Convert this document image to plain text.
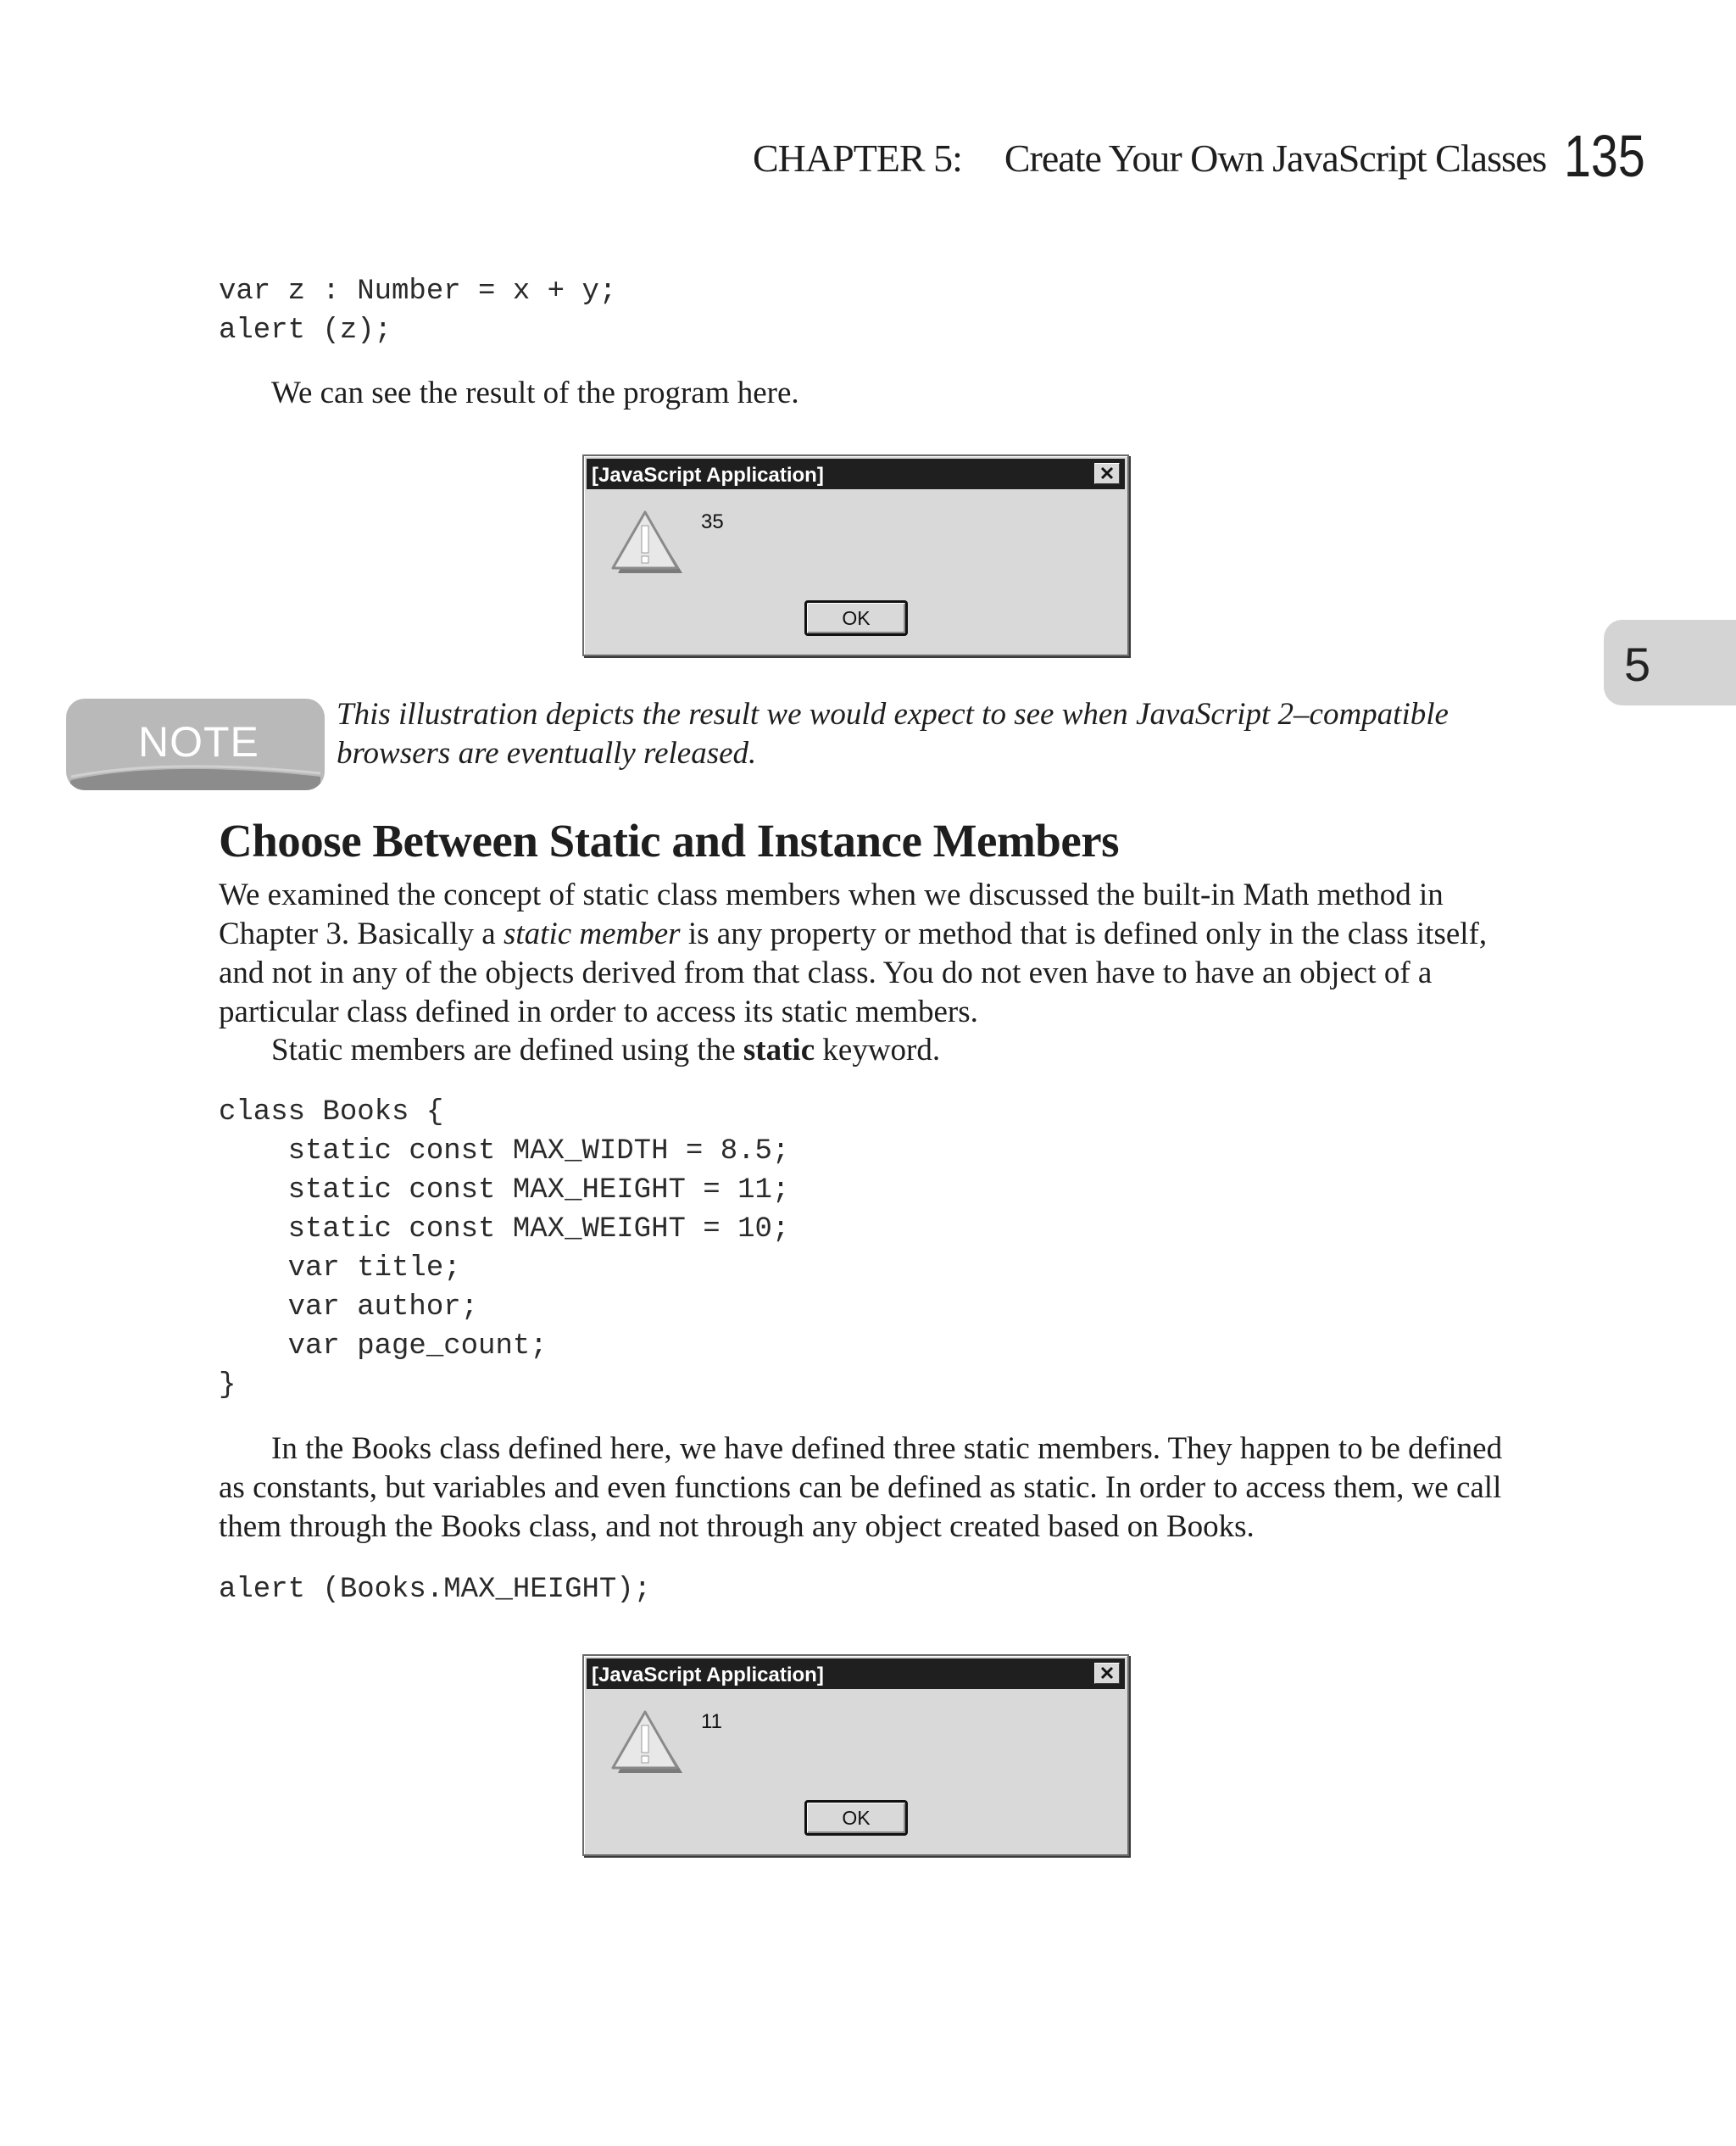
CHAPTER 5: Create Your Own JavaScript Classes 135
5
var z : Number = x + y;
alert (z);

We can see the result of the program here.

[JavaScript Application]
35
OK
NOTE

This illustration depicts the result we would expect to see when JavaScript 2–compatible browsers are eventually released.

Choose Between Static and Instance Members

We examined the concept of static class members when we discussed the built-in Math method in Chapter 3. Basically a static member is any property or method that is defined only in the class itself, and not in any of the objects derived from that class. You do not even have to have an object of a particular class defined in order to access its static members.

Static members are defined using the static keyword.

class Books {
static const MAX_WIDTH = 8.5;
static const MAX_HEIGHT = 11;
static const MAX_WEIGHT = 10;
var title;
var author;
var page_count;
}

In the Books class defined here, we have defined three static members. They happen to be defined as constants, but variables and even functions can be defined as static. In order to access them, we call them through the Books class, and not through any object created based on Books.

alert (Books.MAX_HEIGHT);
[JavaScript Application]
11
OK
